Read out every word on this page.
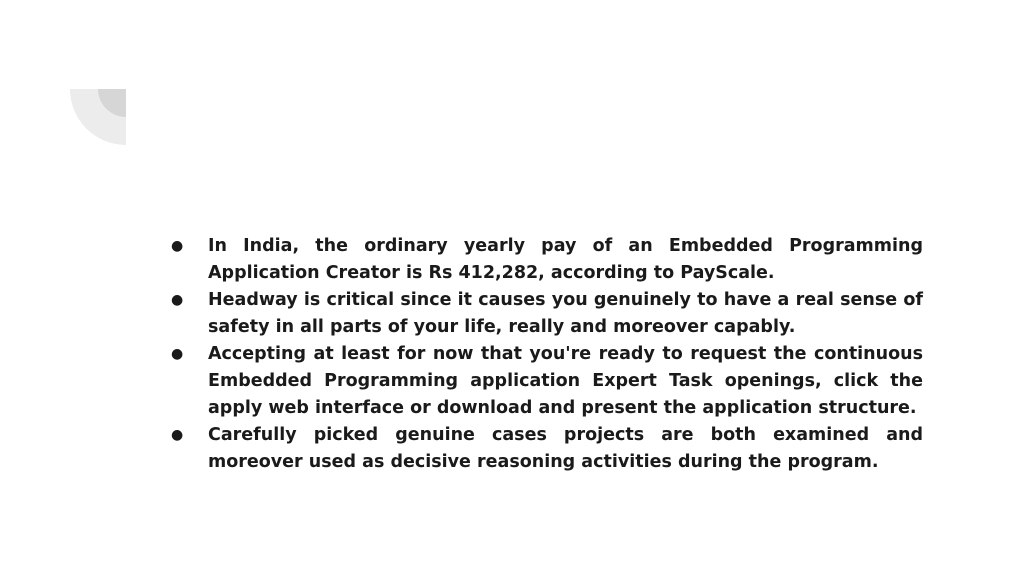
● In India, the ordinary yearly pay of an Embedded Programming Application Creator is Rs 412,282, according to PayScale.
● Headway is critical since it causes you genuinely to have a real sense of safety in all parts of your life, really and moreover capably.
● Accepting at least for now that you're ready to request the continuous Embedded Programming application Expert Task openings, click the apply web interface or download and present the application structure.
● Carefully picked genuine cases projects are both examined and moreover used as decisive reasoning activities during the program.
